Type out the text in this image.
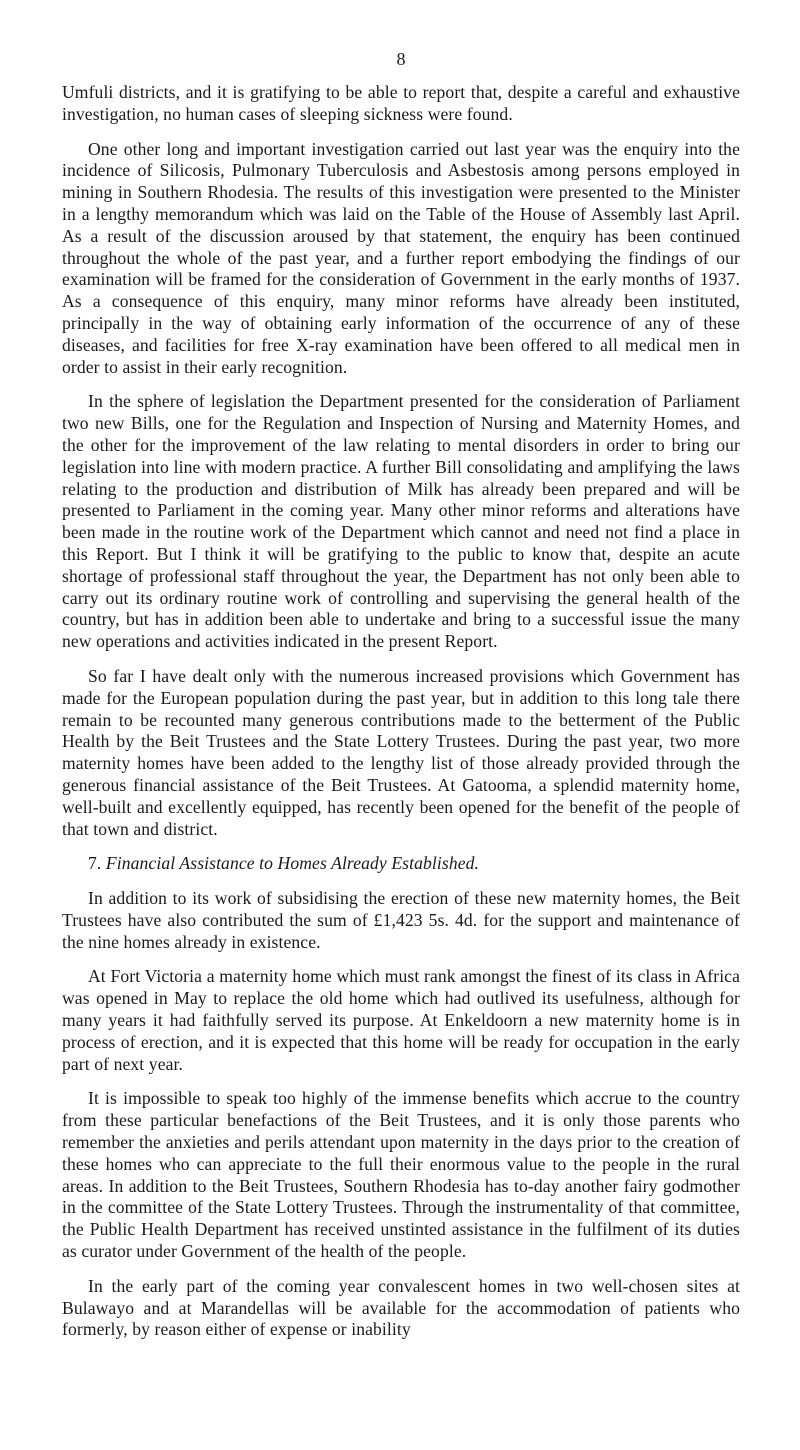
8

Umfuli districts, and it is gratifying to be able to report that, despite a careful and exhaustive investigation, no human cases of sleeping sickness were found.

One other long and important investigation carried out last year was the enquiry into the incidence of Silicosis, Pulmonary Tuberculosis and Asbestosis among persons employed in mining in Southern Rhodesia. The results of this investigation were presented to the Minister in a lengthy memorandum which was laid on the Table of the House of Assembly last April. As a result of the discussion aroused by that statement, the enquiry has been continued throughout the whole of the past year, and a further report embodying the findings of our examination will be framed for the consideration of Government in the early months of 1937. As a consequence of this enquiry, many minor reforms have already been instituted, principally in the way of obtaining early information of the occurrence of any of these diseases, and facilities for free X-ray examination have been offered to all medical men in order to assist in their early recognition.

In the sphere of legislation the Department presented for the consideration of Parliament two new Bills, one for the Regulation and Inspection of Nursing and Maternity Homes, and the other for the improvement of the law relating to mental disorders in order to bring our legislation into line with modern practice. A further Bill consolidating and amplifying the laws relating to the production and distribution of Milk has already been prepared and will be presented to Parliament in the coming year. Many other minor reforms and alterations have been made in the routine work of the Department which cannot and need not find a place in this Report. But I think it will be gratifying to the public to know that, despite an acute shortage of professional staff throughout the year, the Department has not only been able to carry out its ordinary routine work of controlling and supervising the general health of the country, but has in addition been able to undertake and bring to a successful issue the many new operations and activities indicated in the present Report.

So far I have dealt only with the numerous increased provisions which Government has made for the European population during the past year, but in addition to this long tale there remain to be recounted many generous contributions made to the betterment of the Public Health by the Beit Trustees and the State Lottery Trustees. During the past year, two more maternity homes have been added to the lengthy list of those already provided through the generous financial assistance of the Beit Trustees. At Gatooma, a splendid maternity home, well-built and excellently equipped, has recently been opened for the benefit of the people of that town and district.

7. Financial Assistance to Homes Already Established.

In addition to its work of subsidising the erection of these new maternity homes, the Beit Trustees have also contributed the sum of £1,423 5s. 4d. for the support and maintenance of the nine homes already in existence.

At Fort Victoria a maternity home which must rank amongst the finest of its class in Africa was opened in May to replace the old home which had outlived its usefulness, although for many years it had faithfully served its purpose. At Enkeldoorn a new maternity home is in process of erection, and it is expected that this home will be ready for occupation in the early part of next year.

It is impossible to speak too highly of the immense benefits which accrue to the country from these particular benefactions of the Beit Trustees, and it is only those parents who remember the anxieties and perils attendant upon maternity in the days prior to the creation of these homes who can appreciate to the full their enormous value to the people in the rural areas. In addition to the Beit Trustees, Southern Rhodesia has to-day another fairy godmother in the committee of the State Lottery Trustees. Through the instrumentality of that committee, the Public Health Department has received unstinted assistance in the fulfilment of its duties as curator under Government of the health of the people.

In the early part of the coming year convalescent homes in two well-chosen sites at Bulawayo and at Marandellas will be available for the accommodation of patients who formerly, by reason either of expense or inability
